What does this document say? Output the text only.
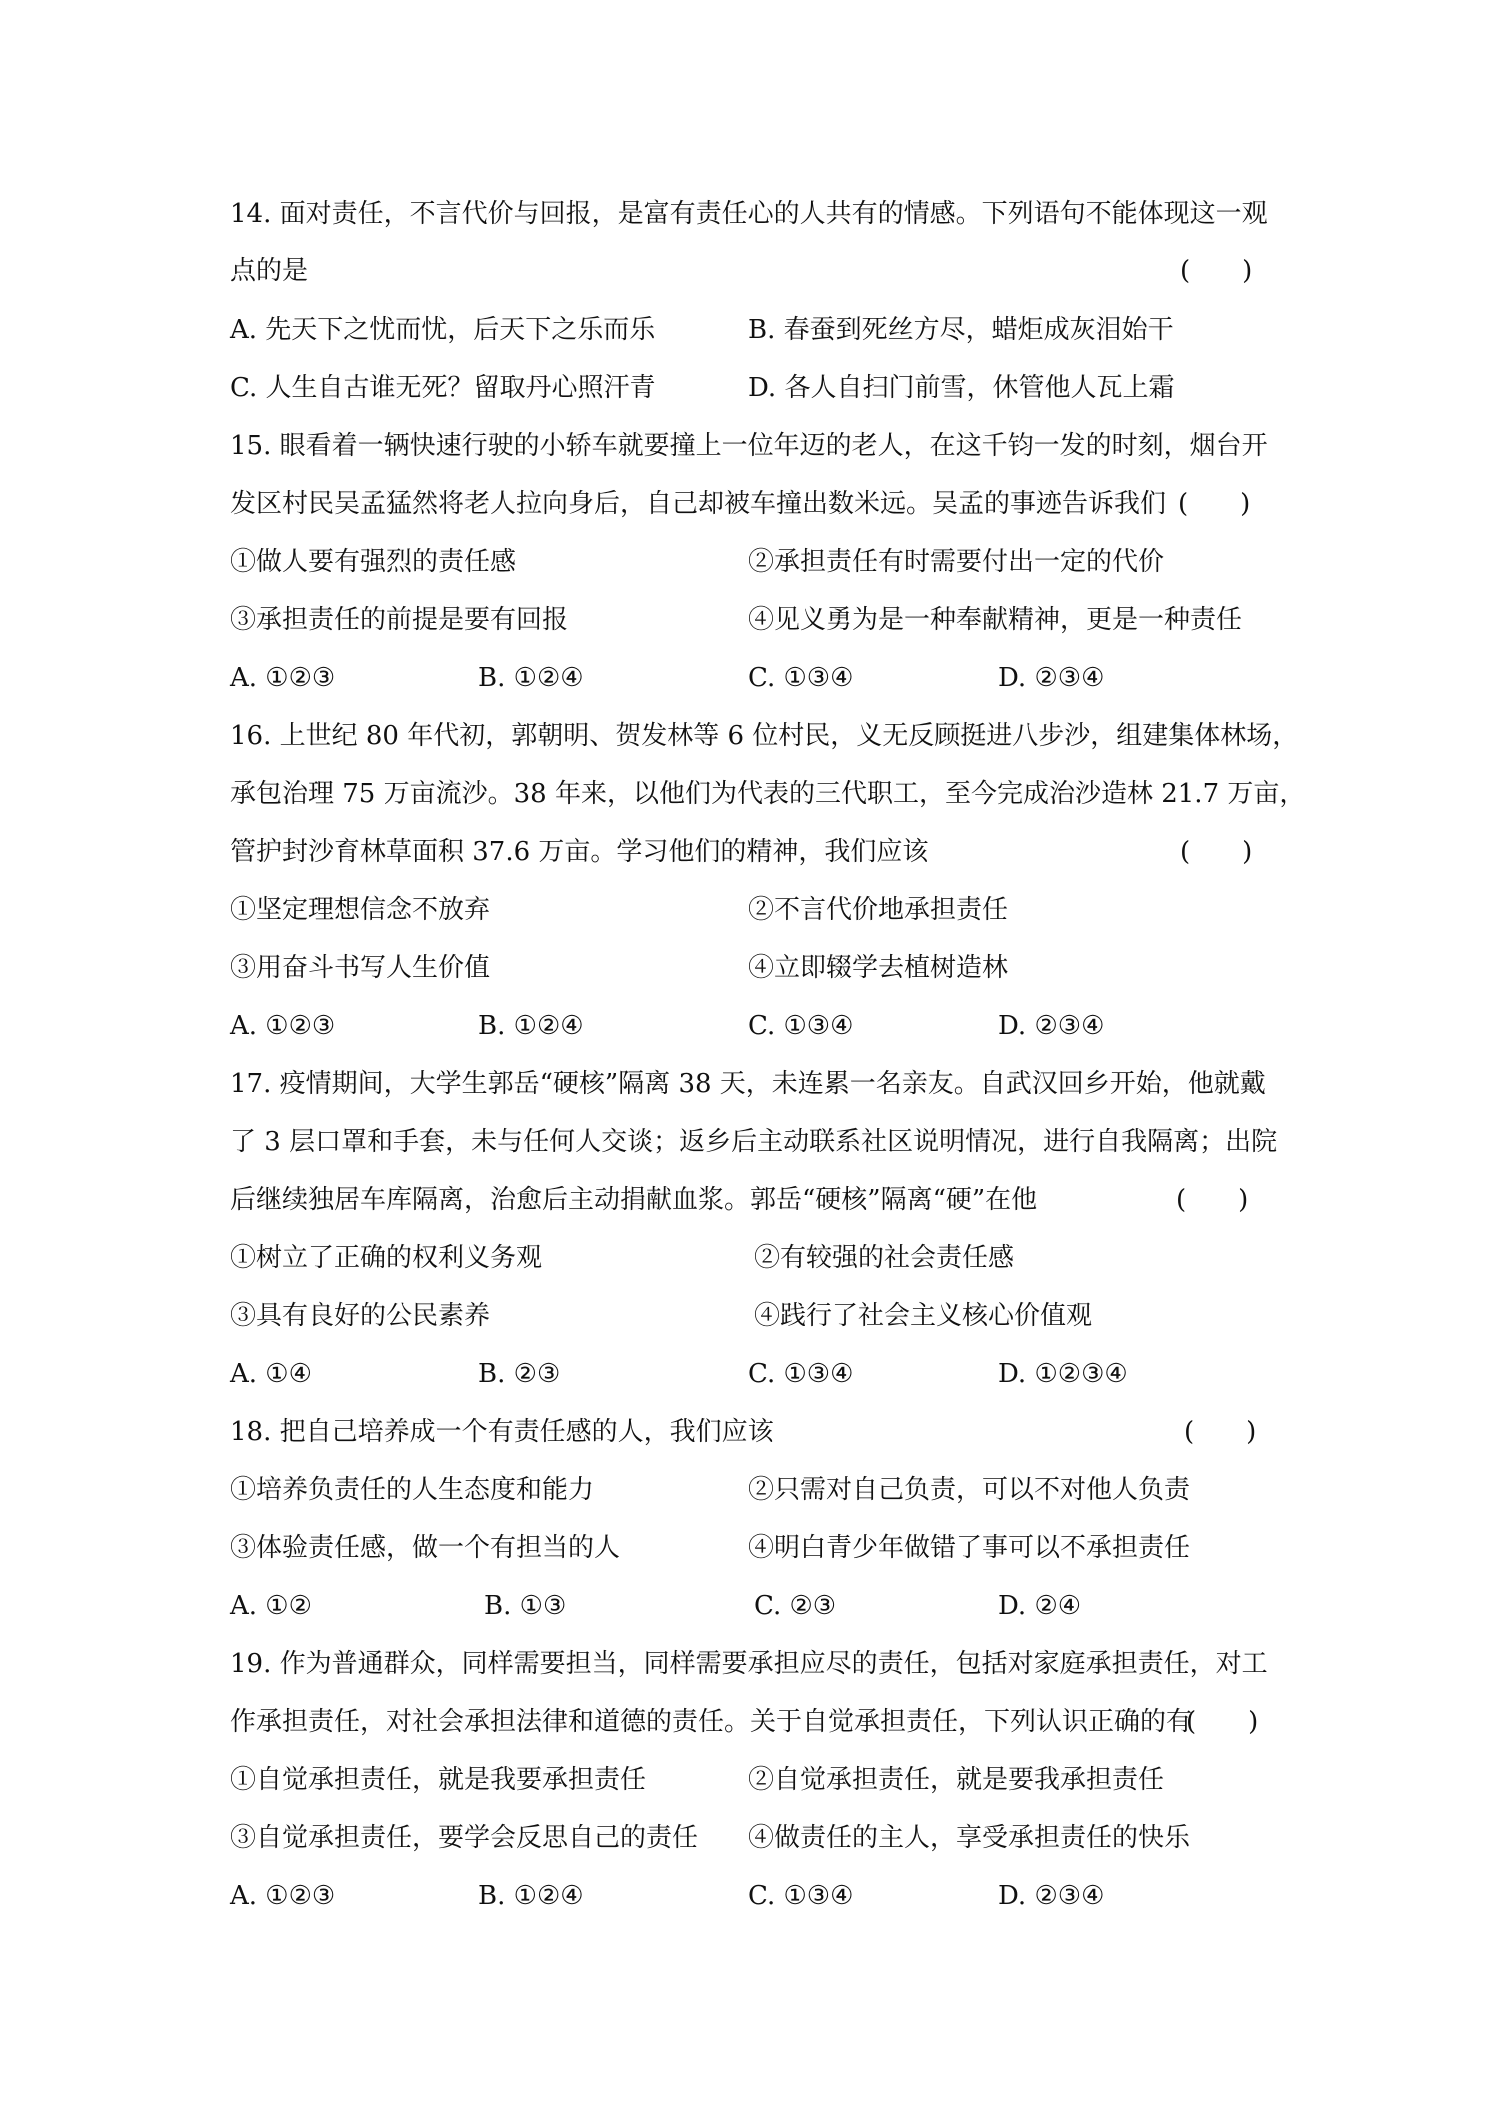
14. 面对责任，不言代价与回报，是富有责任心的人共有的情感。下列语句不能体现这一观
点的是	(　　)
A. 先天下之忧而忧，后天下之乐而乐	B. 春蚕到死丝方尽，蜡炬成灰泪始干
C. 人生自古谁无死？留取丹心照汗青	D. 各人自扫门前雪，休管他人瓦上霜
15. 眼看着一辆快速行驶的小轿车就要撞上一位年迈的老人，在这千钧一发的时刻，烟台开
发区村民吴孟猛然将老人拉向身后，自己却被车撞出数米远。吴孟的事迹告诉我们 (　　)
①做人要有强烈的责任感	②承担责任有时需要付出一定的代价
③承担责任的前提是要有回报	④见义勇为是一种奉献精神，更是一种责任
A. ①②③	B. ①②④	C. ①③④	D. ②③④
16. 上世纪 80 年代初，郭朝明、贺发林等 6 位村民，义无反顾挺进八步沙，组建集体林场，
承包治理 75 万亩流沙。38 年来，以他们为代表的三代职工，至今完成治沙造林 21.7 万亩，
管护封沙育林草面积 37.6 万亩。学习他们的精神，我们应该	(　　)
①坚定理想信念不放弃	②不言代价地承担责任
③用奋斗书写人生价值	④立即辍学去植树造林
A. ①②③	B. ①②④	C. ①③④	D. ②③④
17. 疫情期间，大学生郭岳“硬核”隔离 38 天，未连累一名亲友。自武汉回乡开始，他就戴
了 3 层口罩和手套，未与任何人交谈；返乡后主动联系社区说明情况，进行自我隔离；出院
后继续独居车库隔离，治愈后主动捐献血浆。郭岳“硬核”隔离“硬”在他	(　　)
①树立了正确的权利义务观	②有较强的社会责任感
③具有良好的公民素养	④践行了社会主义核心价值观
A. ①④	B. ②③	C. ①③④	D. ①②③④
18. 把自己培养成一个有责任感的人，我们应该	(　　)
①培养负责任的人生态度和能力	②只需对自己负责，可以不对他人负责
③体验责任感，做一个有担当的人	④明白青少年做错了事可以不承担责任
A. ①②	B. ①③	C. ②③	D. ②④
19. 作为普通群众，同样需要担当，同样需要承担应尽的责任，包括对家庭承担责任，对工
作承担责任，对社会承担法律和道德的责任。关于自觉承担责任，下列认识正确的有
(　　)
①自觉承担责任，就是我要承担责任	②自觉承担责任，就是要我承担责任
③自觉承担责任，要学会反思自己的责任 ④做责任的主人，享受承担责任的快乐
A. ①②③	B. ①②④	C. ①③④	D. ②③④
